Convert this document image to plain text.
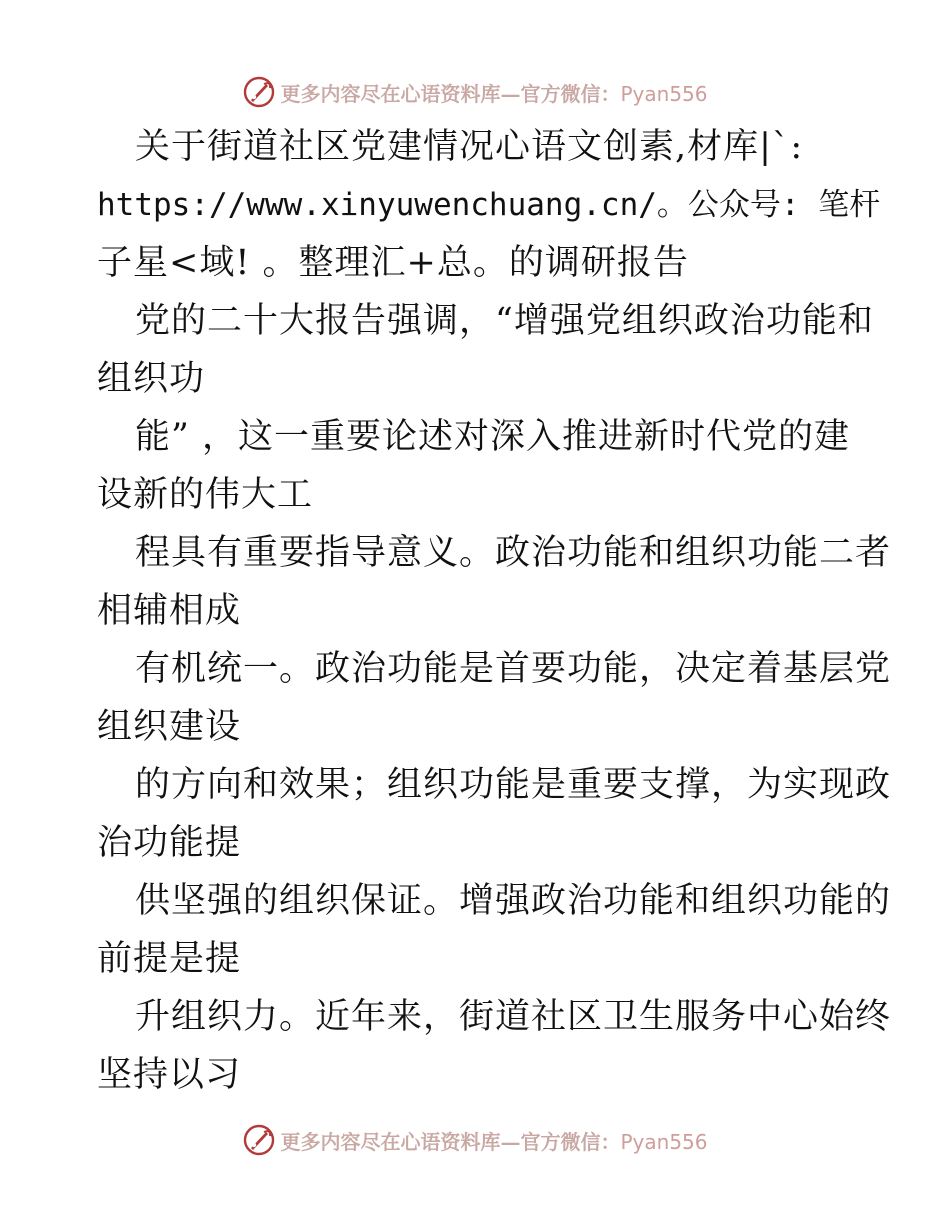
更多内容尽在心语资料库—官方微信：Pyan556
关于街道社区党建情况心语文创素,材库|`:
https://www.xinyuwenchuang.cn/。公众号: 笔杆
子星<域! 。整理汇+总。的调研报告
党的二十大报告强调，“增强党组织政治功能和
组织功
能” ，这一重要论述对深入推进新时代党的建
设新的伟大工
程具有重要指导意义。政治功能和组织功能二者
相辅相成
有机统一。政治功能是首要功能，决定着基层党
组织建设
的方向和效果；组织功能是重要支撑，为实现政
治功能提
供坚强的组织保证。增强政治功能和组织功能的
前提是提
升组织力。近年来，街道社区卫生服务中心始终
坚持以习
更多内容尽在心语资料库—官方微信：Pyan556
